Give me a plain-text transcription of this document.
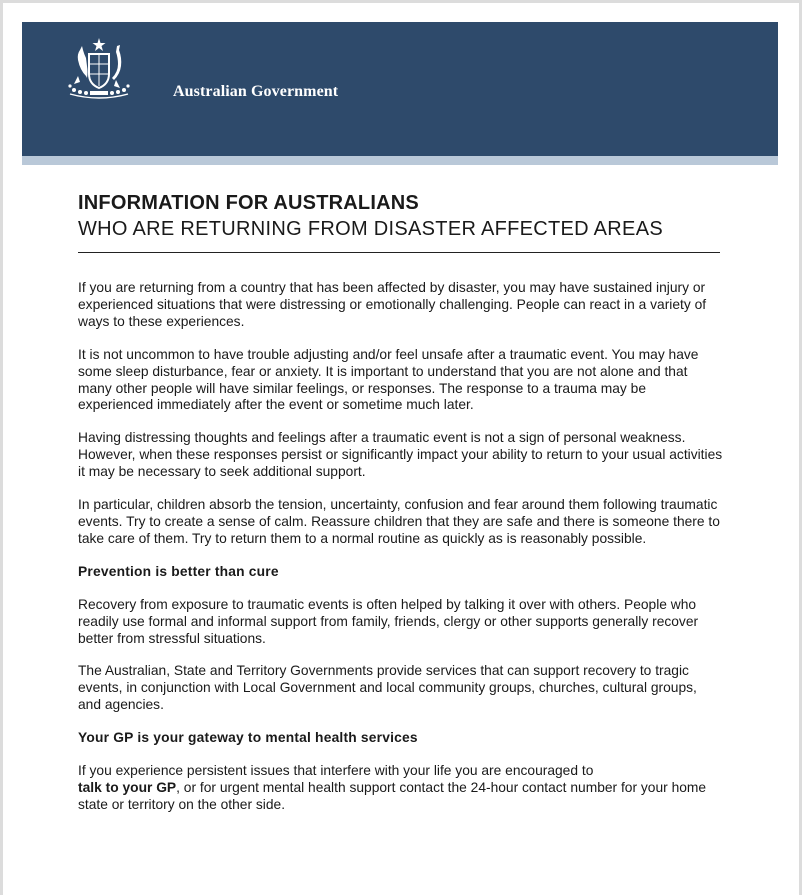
Australian Government
INFORMATION FOR AUSTRALIANS
WHO ARE RETURNING FROM DISASTER AFFECTED AREAS

If you are returning from a country that has been affected by disaster, you may have sustained injury or experienced situations that were distressing or emotionally challenging. People can react in a variety of ways to these experiences.

It is not uncommon to have trouble adjusting and/or feel unsafe after a traumatic event. You may have some sleep disturbance, fear or anxiety. It is important to understand that you are not alone and that many other people will have similar feelings, or responses. The response to a trauma may be experienced immediately after the event or sometime much later.

Having distressing thoughts and feelings after a traumatic event is not a sign of personal weakness. However, when these responses persist or significantly impact your ability to return to your usual activities it may be necessary to seek additional support.

In particular, children absorb the tension, uncertainty, confusion and fear around them following traumatic events. Try to create a sense of calm. Reassure children that they are safe and there is someone there to take care of them. Try to return them to a normal routine as quickly as is reasonably possible.

Prevention is better than cure

Recovery from exposure to traumatic events is often helped by talking it over with others. People who readily use formal and informal support from family, friends, clergy or other supports generally recover better from stressful situations.

The Australian, State and Territory Governments provide services that can support recovery to tragic events, in conjunction with Local Government and local community groups, churches, cultural groups, and agencies.

Your GP is your gateway to mental health services

If you experience persistent issues that interfere with your life you are encouraged to
talk to your GP, or for urgent mental health support contact the 24-hour contact number for your home state or territory on the other side.
